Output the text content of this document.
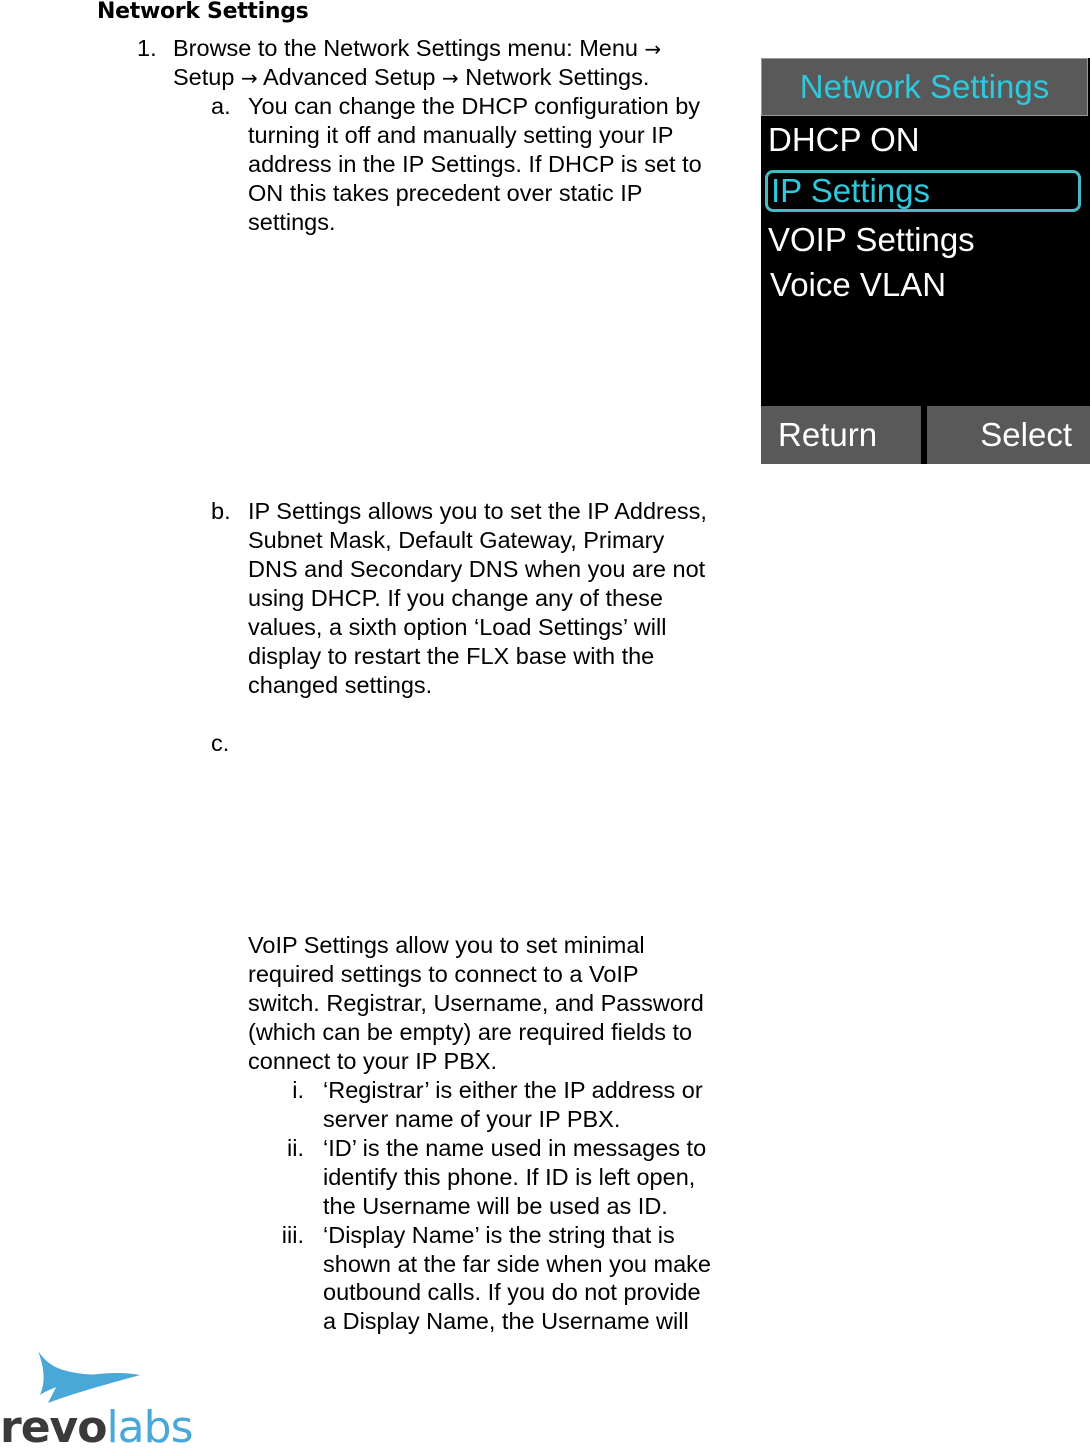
Network Settings
1. Browse to the Network Settings menu: Menu →
Setup → Advanced Setup → Network Settings.
a. You can change the DHCP configuration by
turning it off and manually setting your IP
address in the IP Settings. If DHCP is set to
ON this takes precedent over static IP
settings.
Network Settings
DHCP ON
IP Settings
VOIP Settings
Voice VLAN
Return	Select
b. IP Settings allows you to set the IP Address,
Subnet Mask, Default Gateway, Primary
DNS and Secondary DNS when you are not
using DHCP. If you change any of these
values, a sixth option ‘Load Settings’ will
display to restart the FLX base with the
changed settings.
c.
VoIP Settings allow you to set minimal
required settings to connect to a VoIP
switch. Registrar, Username, and Password
(which can be empty) are required fields to
connect to your IP PBX.
i. ‘Registrar’ is either the IP address or
server name of your IP PBX.
ii. ‘ID’ is the name used in messages to
identify this phone. If ID is left open,
the Username will be used as ID.
iii. ‘Display Name’ is the string that is
shown at the far side when you make
outbound calls. If you do not provide
a Display Name, the Username will
revolabs
